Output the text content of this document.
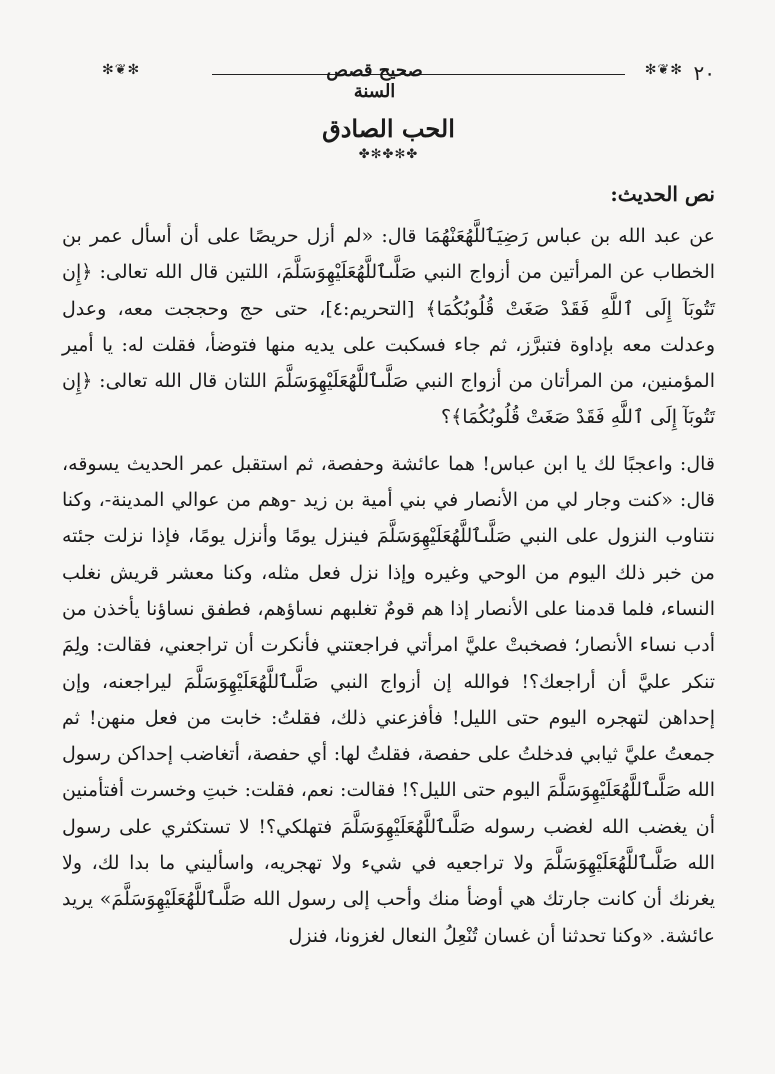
✻❦✻	صحيح قصص السنة
✻❦✻ ٢٠
الحب الصادق
✤✻✤✻✤
نص الحديث:

عن عبد الله بن عباس رَضِيَٱللَّهُعَنْهُمَا قال: «لم أزل حريصًا على أن أسأل عمر بن الخطاب عن المرأتين من أزواج النبي صَلَّىٱللَّهُعَلَيْهِوَسَلَّمَ، اللتين قال الله تعالى: ﴿إِن تَتُوبَآ إِلَى ٱللَّهِ فَقَدْ صَغَتْ قُلُوبُكُمَا﴾ [التحريم:٤]، حتى حج وحججت معه، وعدل وعدلت معه بإداوة فتبرَّز، ثم جاء فسكبت على يديه منها فتوضأ، فقلت له: يا أمير المؤمنين، من المرأتان من أزواج النبي صَلَّىٱللَّهُعَلَيْهِوَسَلَّمَ اللتان قال الله تعالى: ﴿إِن تَتُوبَآ إِلَى ٱللَّهِ فَقَدْ صَغَتْ قُلُوبُكُمَا﴾؟

قال: واعجبًا لك يا ابن عباس! هما عائشة وحفصة، ثم استقبل عمر الحديث يسوقه، قال: «كنت وجار لي من الأنصار في بني أمية بن زيد -وهم من عوالي المدينة-، وكنا نتناوب النزول على النبي صَلَّىٱللَّهُعَلَيْهِوَسَلَّمَ فينزل يومًا وأنزل يومًا، فإذا نزلت جئته من خبر ذلك اليوم من الوحي وغيره وإذا نزل فعل مثله، وكنا معشر قريش نغلب النساء، فلما قدمنا على الأنصار إذا هم قومٌ تغلبهم نساؤهم، فطفق نساؤنا يأخذن من أدب نساء الأنصار؛ فصخبتْ عليَّ امرأتي فراجعتني فأنكرت أن تراجعني، فقالت: ولِمَ تنكر عليَّ أن أراجعك؟! فوالله إن أزواج النبي صَلَّىٱللَّهُعَلَيْهِوَسَلَّمَ ليراجعنه، وإن إحداهن لتهجره اليوم حتى الليل! فأفزعني ذلك، فقلتُ: خابت من فعل منهن! ثم جمعتُ عليَّ ثيابي فدخلتُ على حفصة، فقلتُ لها: أي حفصة، أتغاضب إحداكن رسول الله صَلَّىٱللَّهُعَلَيْهِوَسَلَّمَ اليوم حتى الليل؟! فقالت: نعم، فقلت: خبتِ وخسرت أفتأمنين أن يغضب الله لغضب رسوله صَلَّىٱللَّهُعَلَيْهِوَسَلَّمَ فتهلكي؟! لا تستكثري على رسول الله صَلَّىٱللَّهُعَلَيْهِوَسَلَّمَ ولا تراجعيه في شيء ولا تهجريه، واسأليني ما بدا لك، ولا يغرنك أن كانت جارتك هي أوضأ منك وأحب إلى رسول الله صَلَّىٱللَّهُعَلَيْهِوَسَلَّمَ» يريد عائشة. «وكنا تحدثنا أن غسان تُنْعِلُ النعال لغزونا، فنزل
